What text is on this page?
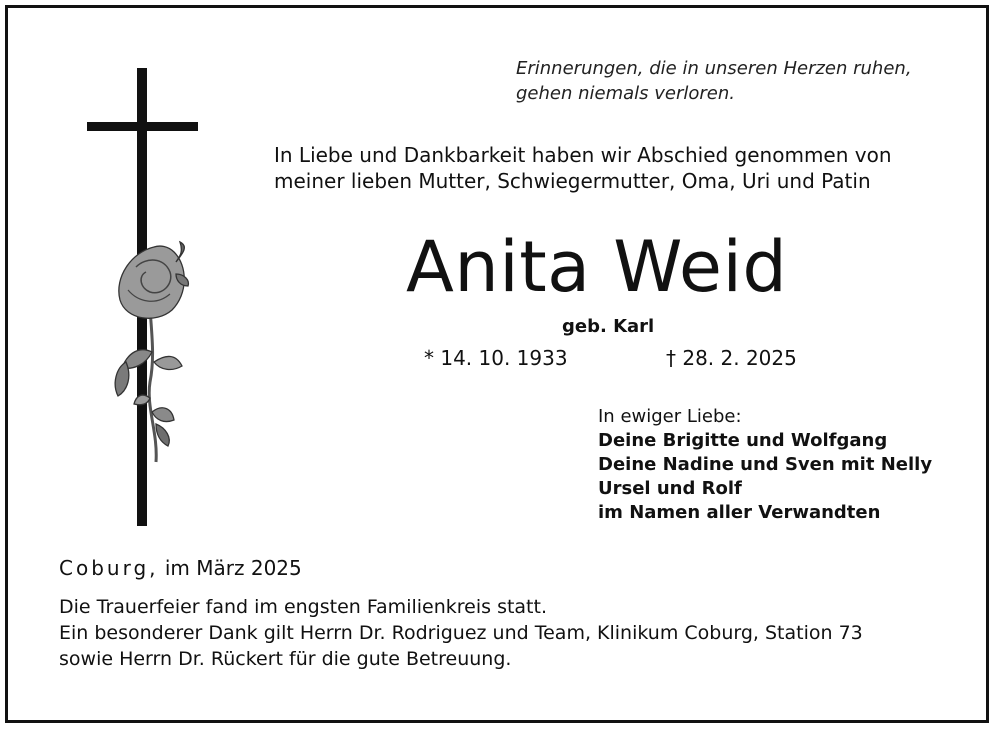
Erinnerungen, die in unseren Herzen ruhen,
gehen niemals verloren.
In Liebe und Dankbarkeit haben wir Abschied genommen von
meiner lieben Mutter, Schwiegermutter, Oma, Uri und Patin
Anita Weid
geb. Karl
* 14. 10. 1933	† 28. 2. 2025
In ewiger Liebe:
Deine Brigitte und Wolfgang
Deine Nadine und Sven mit Nelly
Ursel und Rolf
im Namen aller Verwandten
Coburg, im März 2025
Die Trauerfeier fand im engsten Familienkreis statt.
Ein besonderer Dank gilt Herrn Dr. Rodriguez und Team, Klinikum Coburg, Station 73
sowie Herrn Dr. Rückert für die gute Betreuung.
